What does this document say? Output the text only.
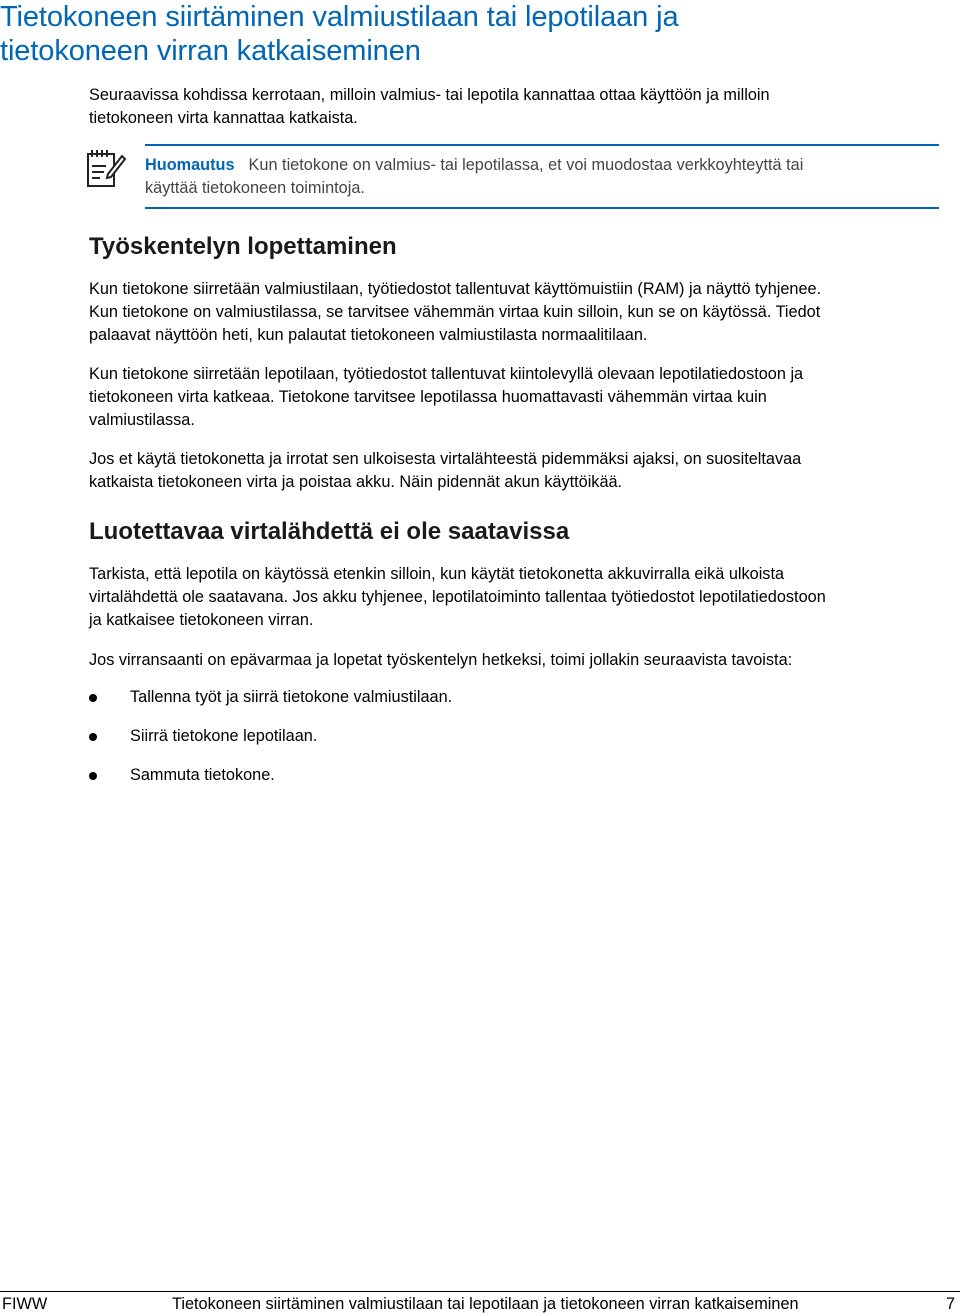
Tietokoneen siirtäminen valmiustilaan tai lepotilaan ja
tietokoneen virran katkaiseminen

Seuraavissa kohdissa kerrotaan, milloin valmius- tai lepotila kannattaa ottaa käyttöön ja milloin
tietokoneen virta kannattaa katkaista.

Huomautus Kun tietokone on valmius- tai lepotilassa, et voi muodostaa verkkoyhteyttä tai
käyttää tietokoneen toimintoja.

Työskentelyn lopettaminen

Kun tietokone siirretään valmiustilaan, työtiedostot tallentuvat käyttömuistiin (RAM) ja näyttö tyhjenee.
Kun tietokone on valmiustilassa, se tarvitsee vähemmän virtaa kuin silloin, kun se on käytössä. Tiedot
palaavat näyttöön heti, kun palautat tietokoneen valmiustilasta normaalitilaan.

Kun tietokone siirretään lepotilaan, työtiedostot tallentuvat kiintolevyllä olevaan lepotilatiedostoon ja
tietokoneen virta katkeaa. Tietokone tarvitsee lepotilassa huomattavasti vähemmän virtaa kuin
valmiustilassa.

Jos et käytä tietokonetta ja irrotat sen ulkoisesta virtalähteestä pidemmäksi ajaksi, on suositeltavaa
katkaista tietokoneen virta ja poistaa akku. Näin pidennät akun käyttöikää.

Luotettavaa virtalähdettä ei ole saatavissa

Tarkista, että lepotila on käytössä etenkin silloin, kun käytät tietokonetta akkuvirralla eikä ulkoista
virtalähdettä ole saatavana. Jos akku tyhjenee, lepotilatoiminto tallentaa työtiedostot lepotilatiedostoon
ja katkaisee tietokoneen virran.

Jos virransaanti on epävarmaa ja lopetat työskentelyn hetkeksi, toimi jollakin seuraavista tavoista:

Tallenna työt ja siirrä tietokone valmiustilaan.
Siirrä tietokone lepotilaan.
Sammuta tietokone.
FIWW	Tietokoneen siirtäminen valmiustilaan tai lepotilaan ja tietokoneen virran katkaiseminen	7
